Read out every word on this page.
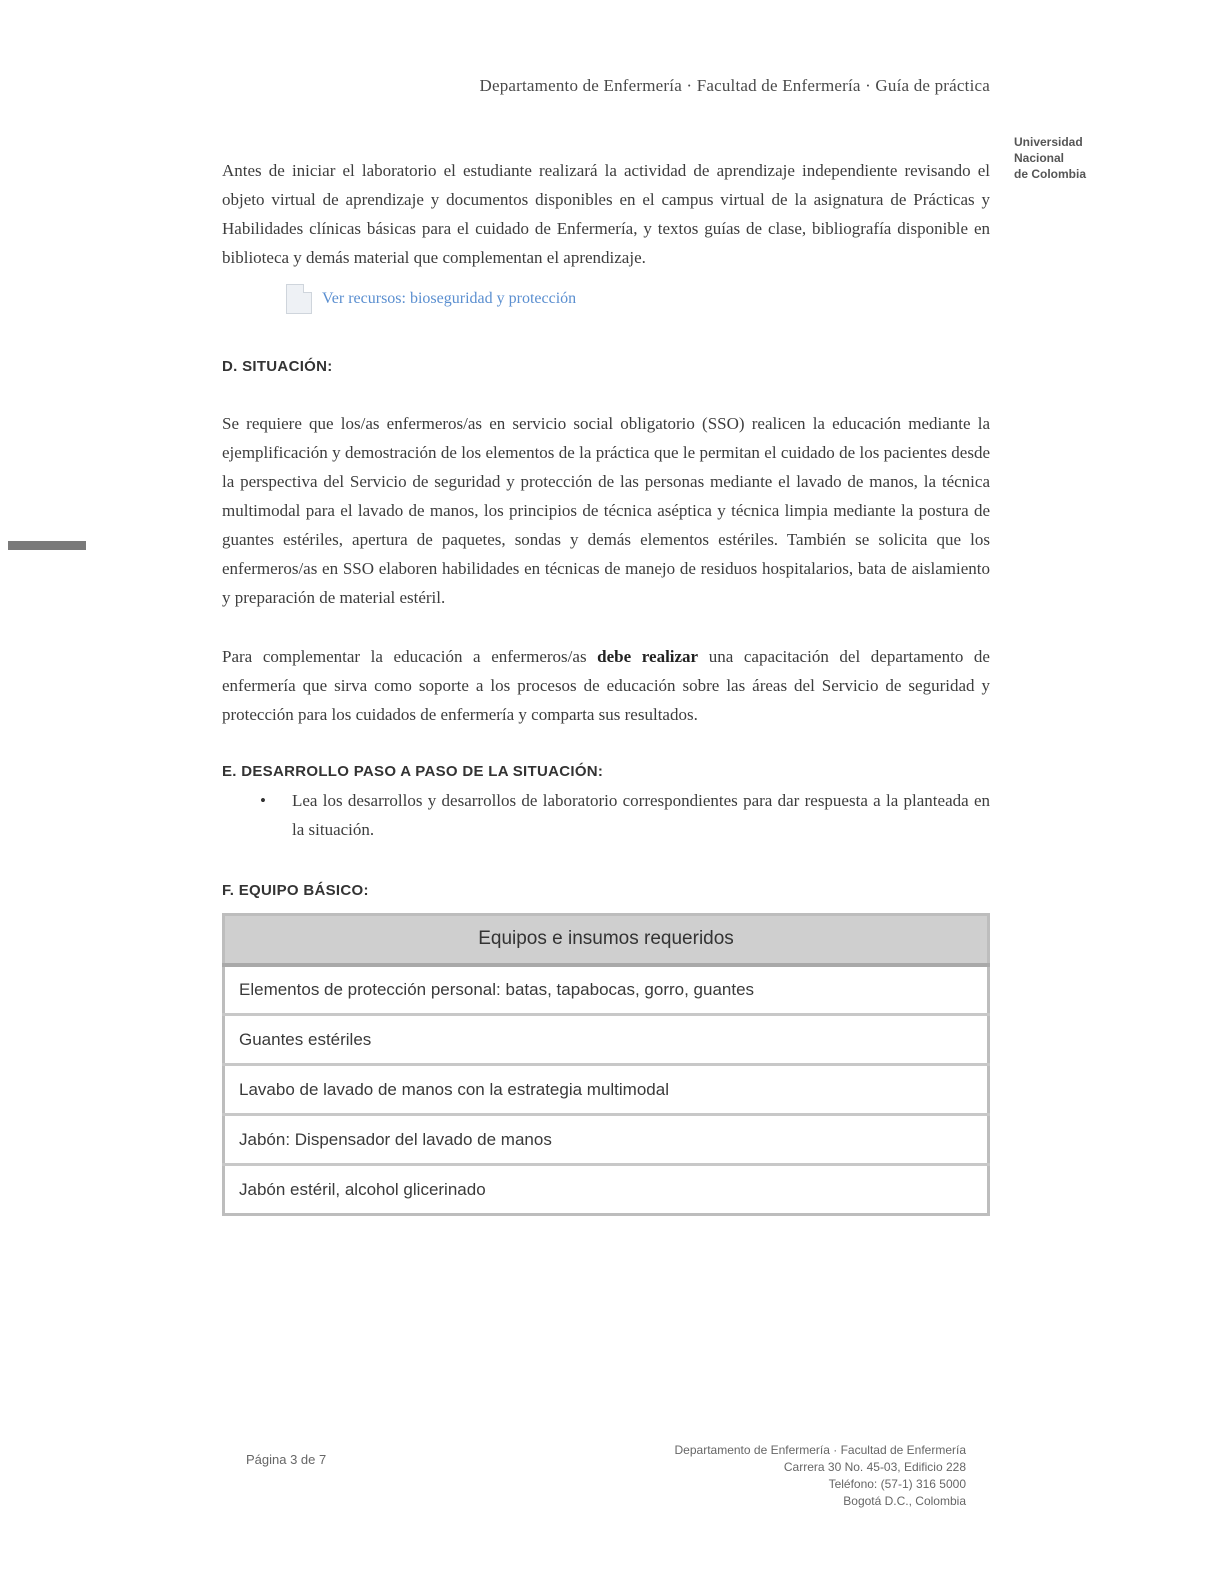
Departamento de Enfermería · Facultad de Enfermería · Guía de práctica
Universidad
Nacional
de Colombia

Antes de iniciar el laboratorio el estudiante realizará la actividad de aprendizaje independiente revisando el objeto virtual de aprendizaje y documentos disponibles en el campus virtual de la asignatura de Prácticas y Habilidades clínicas básicas para el cuidado de Enfermería, y textos guías de clase, bibliografía disponible en biblioteca y demás material que complementan el aprendizaje.

Ver recursos: bioseguridad y protección
D. SITUACIÓN:

Se requiere que los/as enfermeros/as en servicio social obligatorio (SSO) realicen la educación mediante la ejemplificación y demostración de los elementos de la práctica que le permitan el cuidado de los pacientes desde la perspectiva del Servicio de seguridad y protección de las personas mediante el lavado de manos, la técnica multimodal para el lavado de manos, los principios de técnica aséptica y técnica limpia mediante la postura de guantes estériles, apertura de paquetes, sondas y demás elementos estériles. También se solicita que los enfermeros/as en SSO elaboren habilidades en técnicas de manejo de residuos hospitalarios, bata de aislamiento y preparación de material estéril.

Para complementar la educación a enfermeros/as debe realizar una capacitación del departamento de enfermería que sirva como soporte a los procesos de educación sobre las áreas del Servicio de seguridad y protección para los cuidados de enfermería y comparta sus resultados.

E. DESARROLLO PASO A PASO DE LA SITUACIÓN:
• Lea los desarrollos y desarrollos de laboratorio correspondientes para dar respuesta a la planteada en la situación.
F. EQUIPO BÁSICO:
Equipos e insumos requeridos
Elementos de protección personal: batas, tapabocas, gorro, guantes
Guantes estériles
Lavabo de lavado de manos con la estrategia multimodal
Jabón: Dispensador del lavado de manos
Jabón estéril, alcohol glicerinado
Página 3 de 7
Departamento de Enfermería · Facultad de Enfermería
Carrera 30 No. 45-03, Edificio 228
Teléfono: (57-1) 316 5000
Bogotá D.C., Colombia
